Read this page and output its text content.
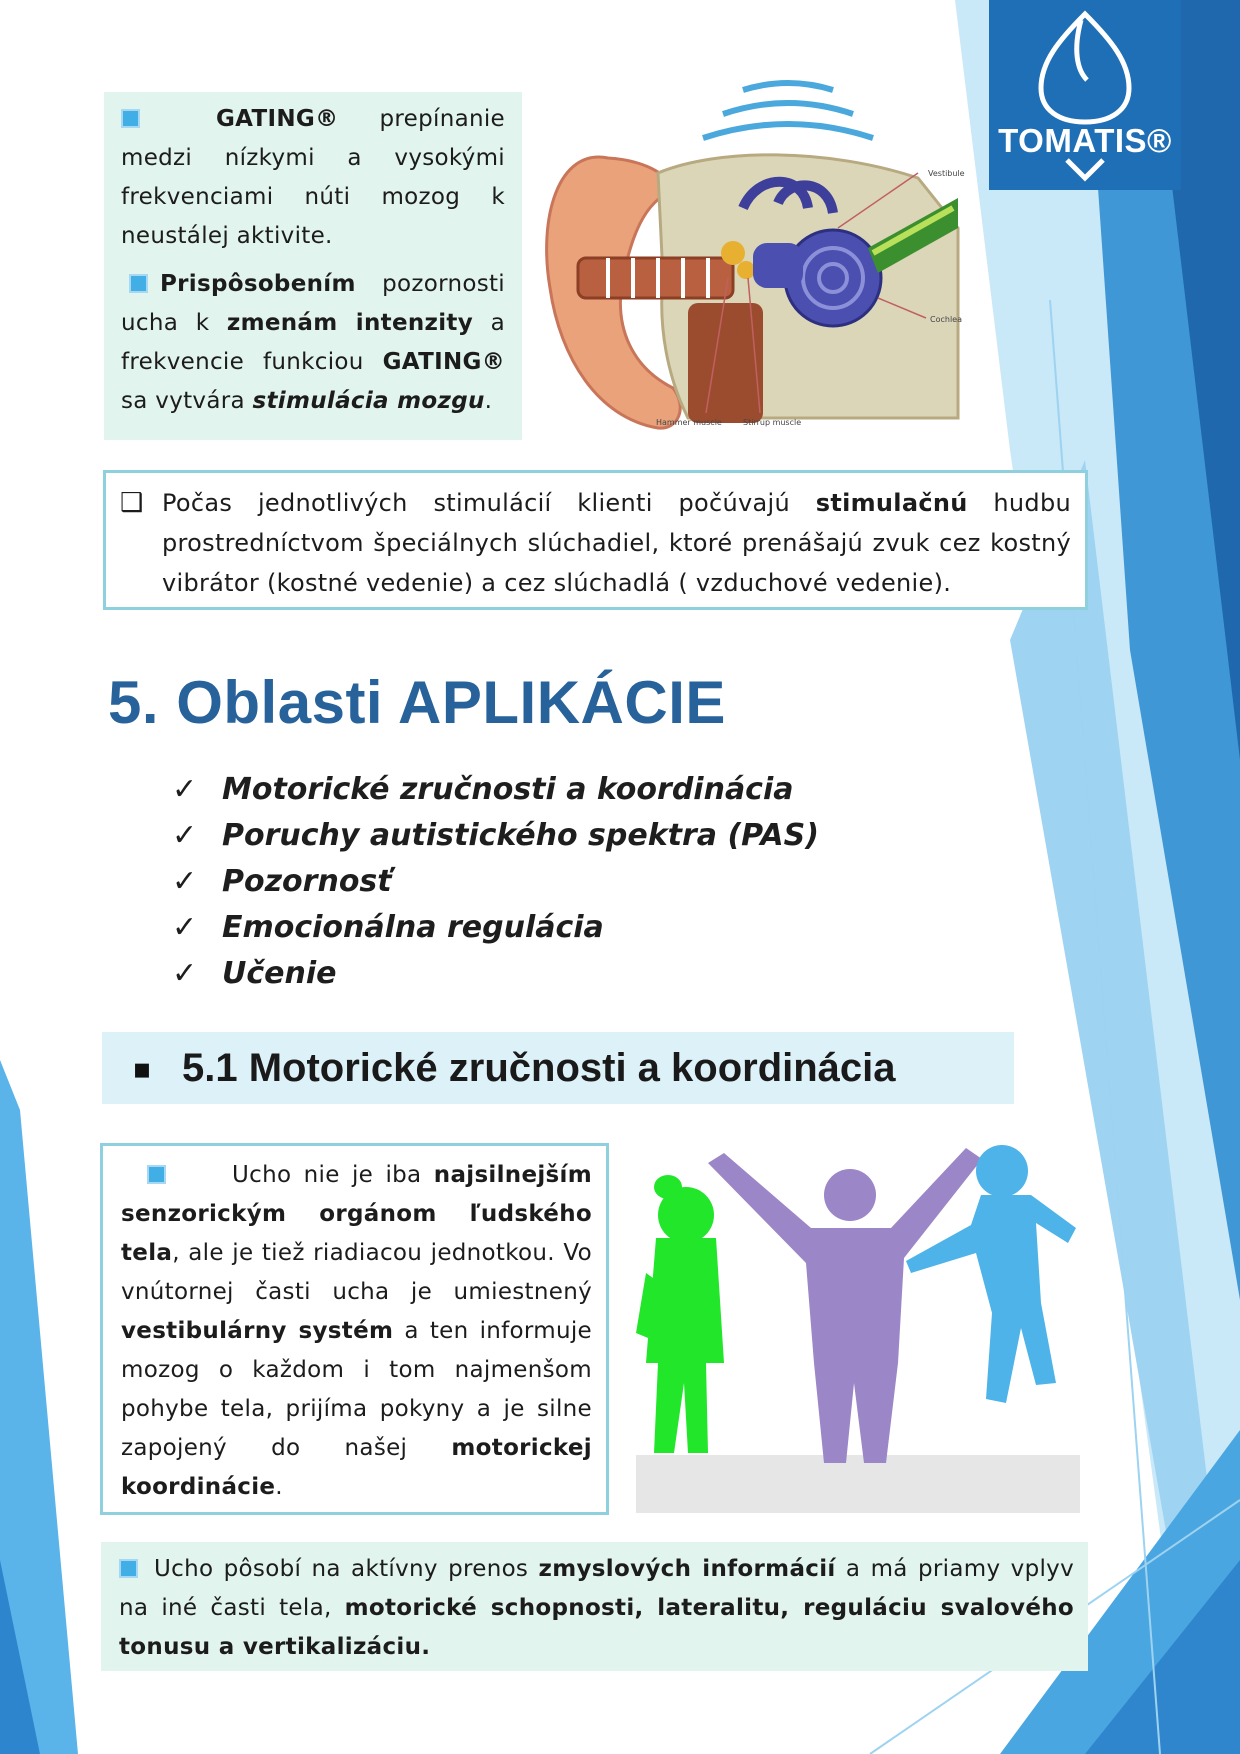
TOMATIS®

GATING® prepínanie medzi nízkymi a vysokými frekvenciami núti mozog k neustálej aktivite.

Prispôsobením pozornosti ucha k zmenám intenzity a frekvencie funkciou GATING® sa vytvára stimulácia mozgu.

Vestibule
Cochlea
Hammer muscle	Stirrup muscle
❑ Počas jednotlivých stimulácií klienti počúvajú stimulačnú hudbu prostredníctvom špeciálnych slúchadiel, ktoré prenášajú zvuk cez kostný vibrátor (kostné vedenie) a cez slúchadlá ( vzduchové vedenie).
5. Oblasti APLIKÁCIE
✓ Motorické zručnosti a koordinácia
✓ Poruchy autistického spektra (PAS)
✓ Pozornosť
✓ Emocionálna regulácia
✓ Učenie
▪ 5.1 Motorické zručnosti a koordinácia
Ucho nie je iba najsilnejším senzorickým orgánom ľudského tela, ale je tiež riadiacou jednotkou. Vo vnútornej časti ucha je umiestnený vestibulárny systém a ten informuje mozog o každom i tom najmenšom pohybe tela, prijíma pokyny a je silne zapojený do našej motorickej koordinácie.
Ucho pôsobí na aktívny prenos zmyslových informácií a má priamy vplyv na iné časti tela, motorické schopnosti, lateralitu, reguláciu svalového tonusu a vertikalizáciu.
